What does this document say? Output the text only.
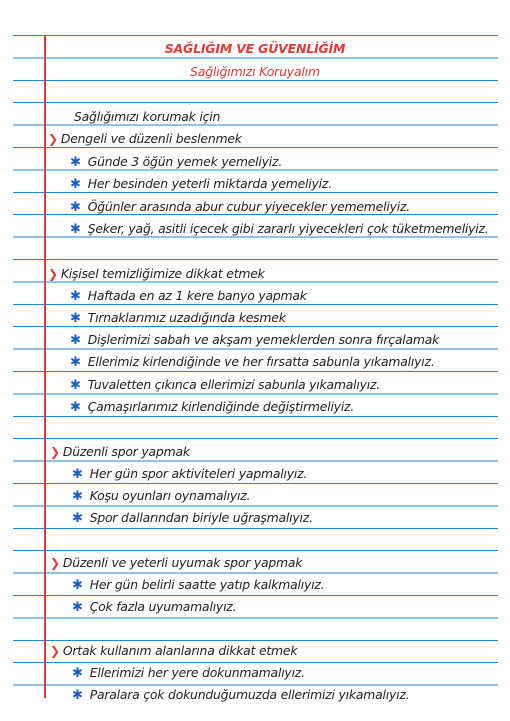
SAĞLIĞIM VE GÜVENLİĞİM
Sağlığımızı Koruyalım
Sağlığımızı korumak için
❯ Dengeli ve düzenli beslenmek
✱ Günde 3 öğün yemek yemeliyiz.
✱ Her besinden yeterli miktarda yemeliyiz.
✱ Öğünler arasında abur cubur yiyecekler yememeliyiz.
✱ Şeker, yağ, asitli içecek gibi zararlı yiyecekleri çok tüketmemeliyiz.
❯ Kişisel temizliğimize dikkat etmek
✱ Haftada en az 1 kere banyo yapmak
✱ Tırnaklarımız uzadığında kesmek
✱ Dişlerimizi sabah ve akşam yemeklerden sonra fırçalamak
✱ Ellerimiz kirlendiğinde ve her fırsatta sabunla yıkamalıyız.
✱ Tuvaletten çıkınca ellerimizi sabunla yıkamalıyız.
✱ Çamaşırlarımız kirlendiğinde değiştirmeliyiz.
❯ Düzenli spor yapmak
✱ Her gün spor aktiviteleri yapmalıyız.
✱ Koşu oyunları oynamalıyız.
✱ Spor dallarından biriyle uğraşmalıyız.
❯ Düzenli ve yeterli uyumak spor yapmak
✱ Her gün belirli saatte yatıp kalkmalıyız.
✱ Çok fazla uyumamalıyız.
❯ Ortak kullanım alanlarına dikkat etmek
✱ Ellerimizi her yere dokunmamalıyız.
✱ Paralara çok dokunduğumuzda ellerimizi yıkamalıyız.
